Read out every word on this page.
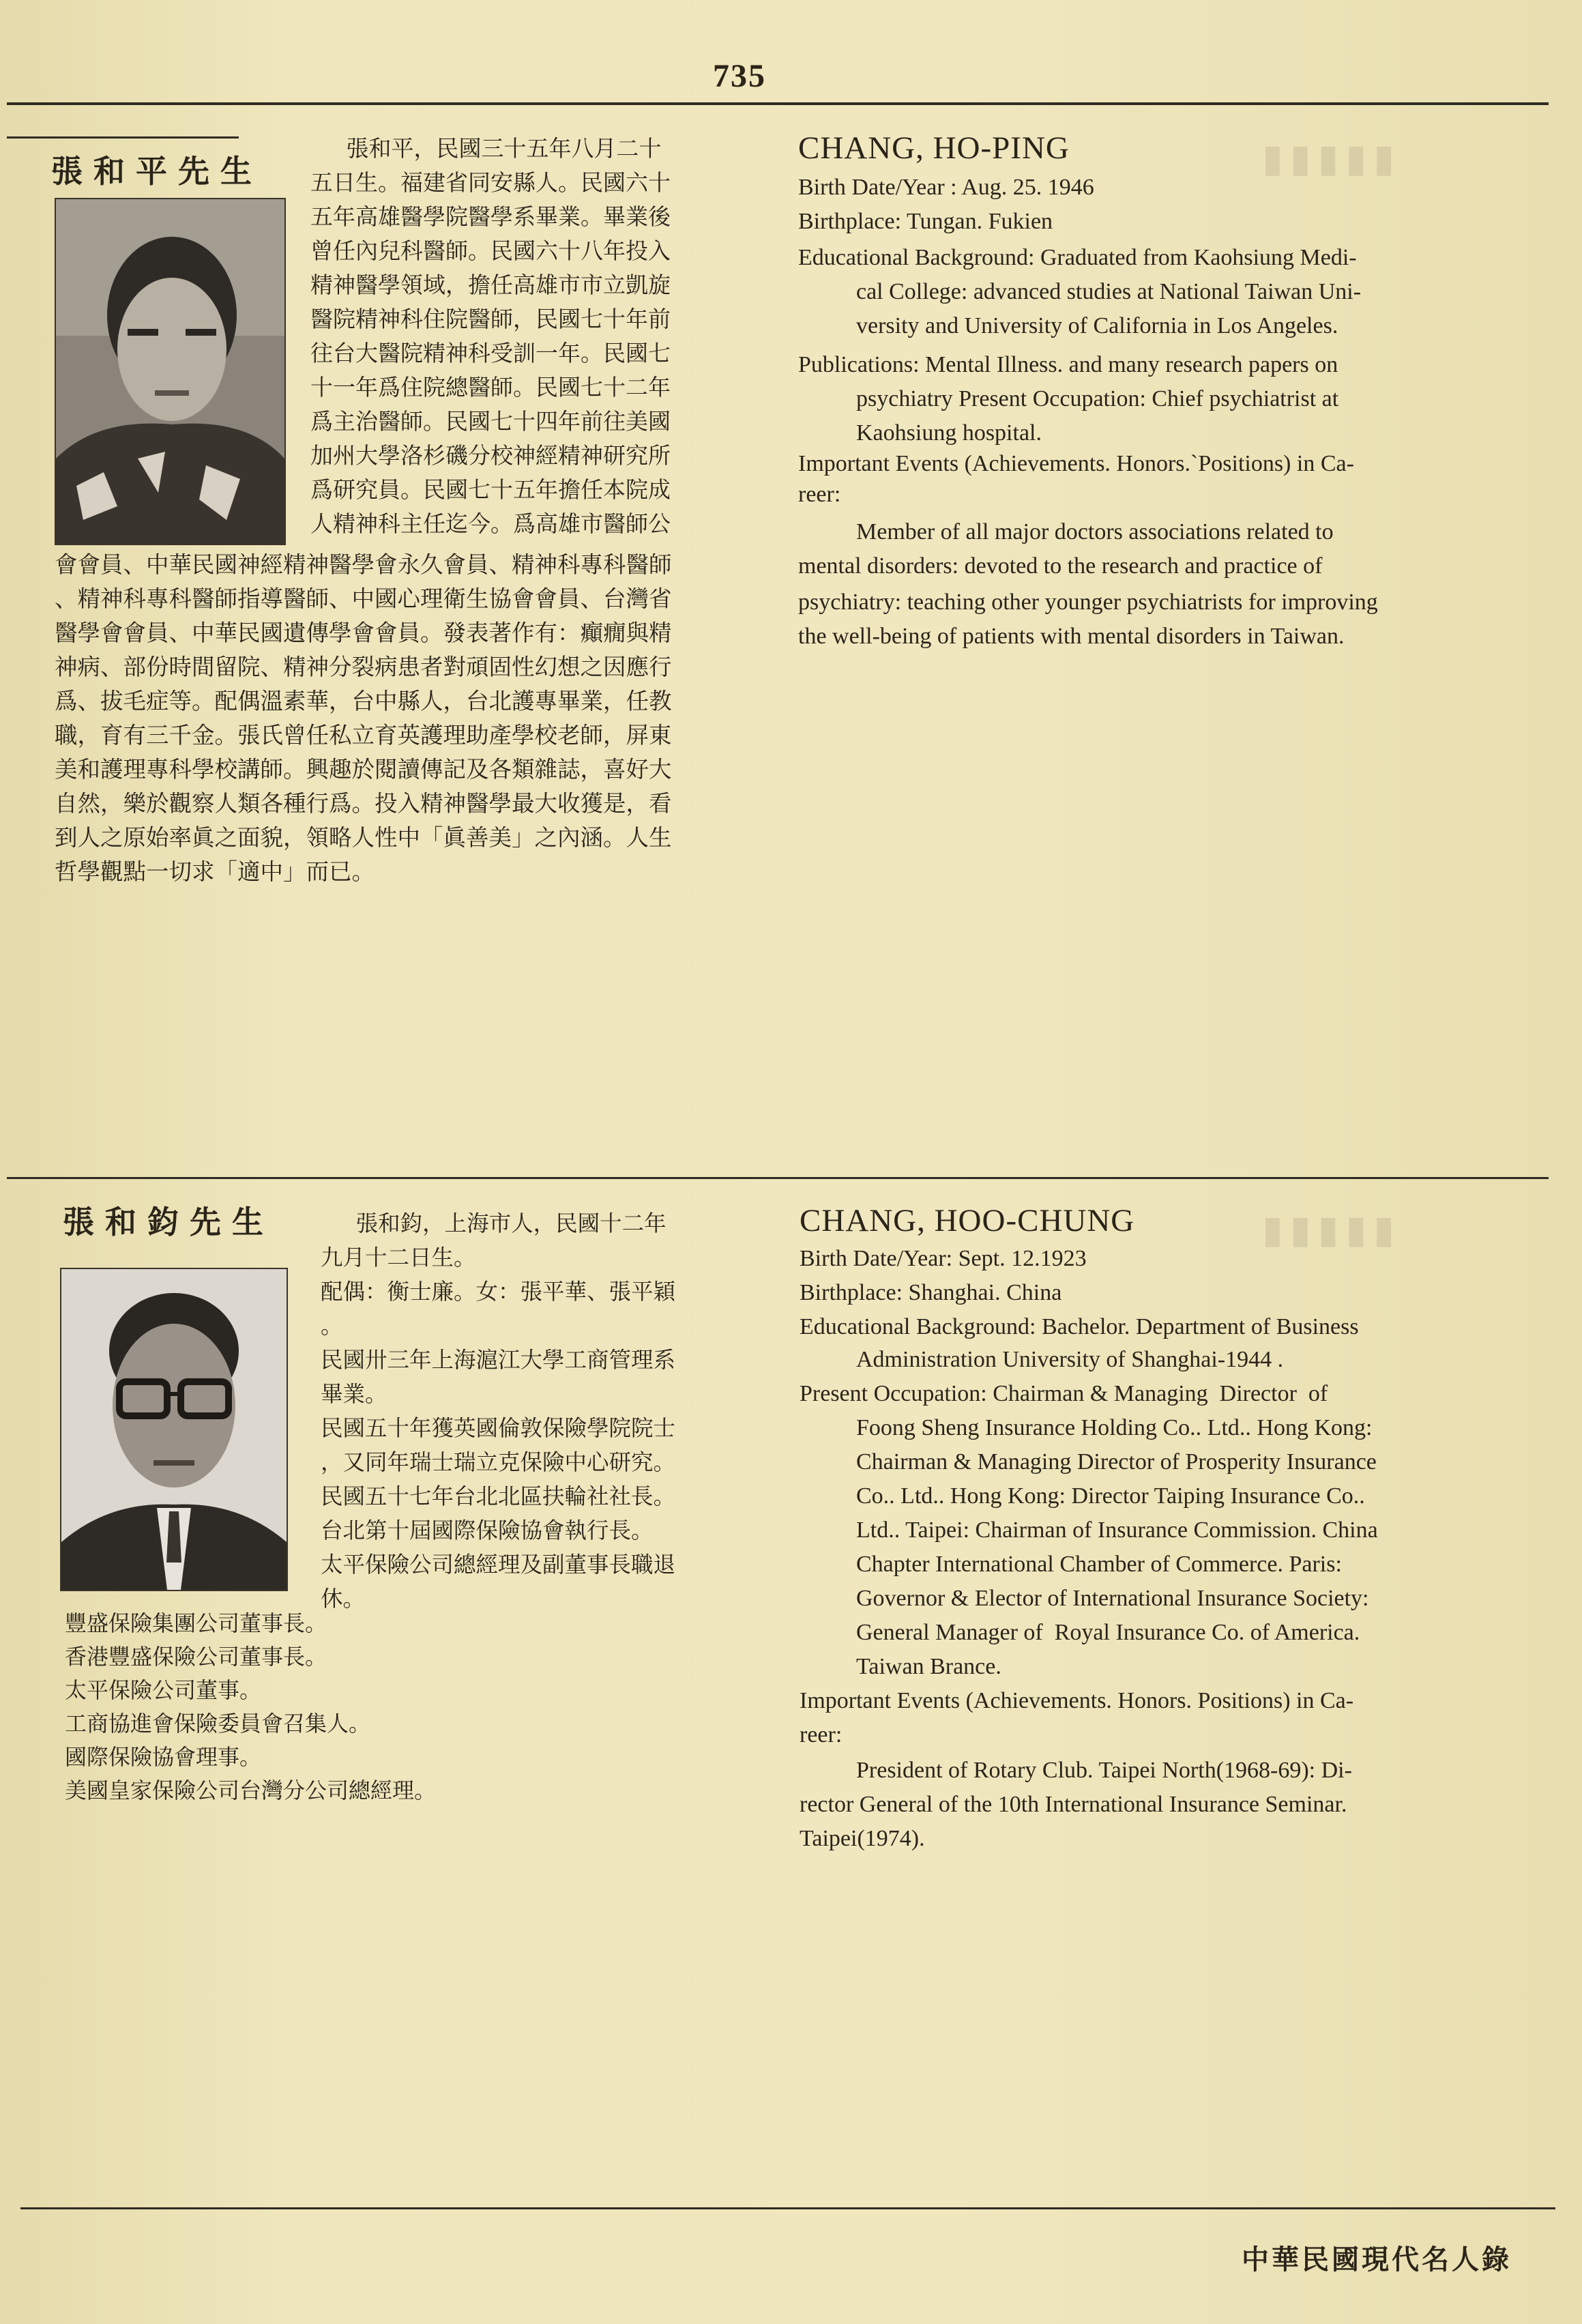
▮▮▮▮▮
▮▮▮▮▮
735
張和平先生
張和平，民國三十五年八月二十
五日生。福建省同安縣人。民國六十
五年高雄醫學院醫學系畢業。畢業後
曾任內兒科醫師。民國六十八年投入
精神醫學領域，擔任高雄市市立凱旋
醫院精神科住院醫師，民國七十年前
往台大醫院精神科受訓一年。民國七
十一年爲住院總醫師。民國七十二年
爲主治醫師。民國七十四年前往美國
加州大學洛杉磯分校神經精神研究所
爲研究員。民國七十五年擔任本院成
人精神科主任迄今。爲高雄市醫師公
會會員、中華民國神經精神醫學會永久會員、精神科專科醫師
、精神科專科醫師指導醫師、中國心理衛生協會會員、台灣省
醫學會會員、中華民國遺傳學會會員。發表著作有：癲癇與精
神病、部份時間留院、精神分裂病患者對頑固性幻想之因應行
爲、拔毛症等。配偶溫素華，台中縣人，台北護專畢業，任教
職，育有三千金。張氏曾任私立育英護理助產學校老師，屏東
美和護理專科學校講師。興趣於閱讀傳記及各類雜誌，喜好大
自然，樂於觀察人類各種行爲。投入精神醫學最大收獲是，看
到人之原始率眞之面貌，領略人性中「眞善美」之內涵。人生
哲學觀點一切求「適中」而已。
CHANG, HO-PING
Birth Date/Year : Aug. 25. 1946
Birthplace: Tungan. Fukien
Educational Background: Graduated from Kaohsiung Medi-
cal College: advanced studies at National Taiwan Uni-
versity and University of California in Los Angeles.
Publications: Mental Illness. and many research papers on
psychiatry Present Occupation: Chief psychiatrist at
Kaohsiung hospital.
Important Events (Achievements. Honors.`Positions) in Ca-
reer:
Member of all major doctors associations related to
mental disorders: devoted to the research and practice of
psychiatry: teaching other younger psychiatrists for improving
the well-being of patients with mental disorders in Taiwan.
張和鈞先生	張和鈞，上海市人，民國十二年
九月十二日生。
配偶：衡士廉。女：張平華、張平穎
。
民國卅三年上海滬江大學工商管理系
畢業。
民國五十年獲英國倫敦保險學院院士
，又同年瑞士瑞立克保險中心研究。
民國五十七年台北北區扶輪社社長。
台北第十屆國際保險協會執行長。
太平保險公司總經理及副董事長職退
休。
豐盛保險集團公司董事長。
香港豐盛保險公司董事長。
太平保險公司董事。
工商協進會保險委員會召集人。
國際保險協會理事。
美國皇家保險公司台灣分公司總經理。
CHANG, HOO-CHUNG
Birth Date/Year: Sept. 12.1923
Birthplace: Shanghai. China
Educational Background: Bachelor. Department of Business
Administration University of Shanghai-1944 .
Present Occupation: Chairman & Managing  Director  of
Foong Sheng Insurance Holding Co.. Ltd.. Hong Kong:
Chairman & Managing Director of Prosperity Insurance
Co.. Ltd.. Hong Kong: Director Taiping Insurance Co..
Ltd.. Taipei: Chairman of Insurance Commission. China
Chapter International Chamber of Commerce. Paris:
Governor & Elector of International Insurance Society:
General Manager of  Royal Insurance Co. of America.
Taiwan Brance.
Important Events (Achievements. Honors. Positions) in Ca-
reer:
President of Rotary Club. Taipei North(1968-69): Di-
rector General of the 10th International Insurance Seminar.
Taipei(1974).
中華民國現代名人錄
